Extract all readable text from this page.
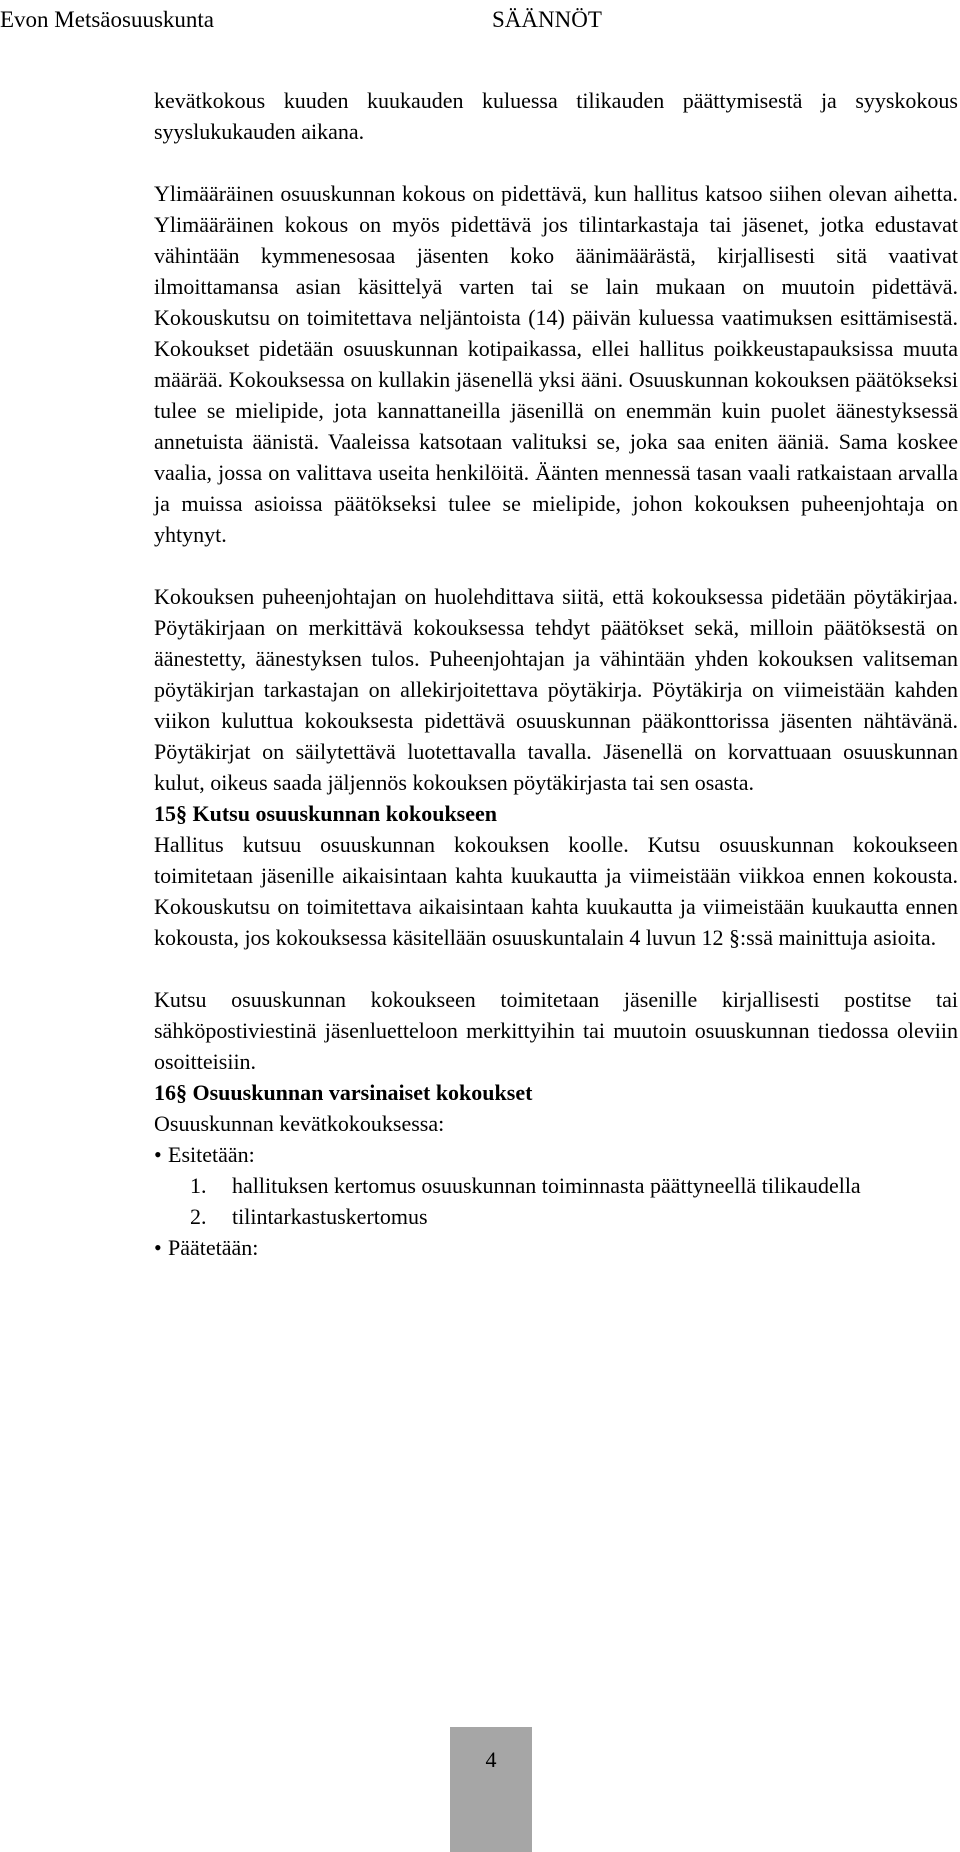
Evon Metsäosuuskunta	SÄÄNNÖT

kevätkokous kuuden kuukauden kuluessa tilikauden päättymisestä ja syyskokous syyslukukauden aikana.

Ylimääräinen osuuskunnan kokous on pidettävä, kun hallitus katsoo siihen olevan aihetta. Ylimääräinen kokous on myös pidettävä jos tilintarkastaja tai jäsenet, jotka edustavat vähintään kymmenesosaa jäsenten koko äänimäärästä, kirjallisesti sitä vaativat ilmoittamansa asian käsittelyä varten tai se lain mukaan on muutoin pidettävä. Kokouskutsu on toimitettava neljäntoista (14) päivän kuluessa vaatimuksen esittämisestä. Kokoukset pidetään osuuskunnan kotipaikassa, ellei hallitus poikkeustapauksissa muuta määrää. Kokouksessa on kullakin jäsenellä yksi ääni. Osuuskunnan kokouksen päätökseksi tulee se mielipide, jota kannattaneilla jäsenillä on enemmän kuin puolet äänestyksessä annetuista äänistä. Vaaleissa katsotaan valituksi se, joka saa eniten ääniä. Sama koskee vaalia, jossa on valittava useita henkilöitä. Äänten mennessä tasan vaali ratkaistaan arvalla ja muissa asioissa päätökseksi tulee se mielipide, johon kokouksen puheenjohtaja on yhtynyt.

Kokouksen puheenjohtajan on huolehdittava siitä, että kokouksessa pidetään pöytäkirjaa. Pöytäkirjaan on merkittävä kokouksessa tehdyt päätökset sekä, milloin päätöksestä on äänestetty, äänestyksen tulos. Puheenjohtajan ja vähintään yhden kokouksen valitseman pöytäkirjan tarkastajan on allekirjoitettava pöytäkirja. Pöytäkirja on viimeistään kahden viikon kuluttua kokouksesta pidettävä osuuskunnan pääkonttorissa jäsenten nähtävänä. Pöytäkirjat on säilytettävä luotettavalla tavalla. Jäsenellä on korvattuaan osuuskunnan kulut, oikeus saada jäljennös kokouksen pöytäkirjasta tai sen osasta.

15§ Kutsu osuuskunnan kokoukseen

Hallitus kutsuu osuuskunnan kokouksen koolle. Kutsu osuuskunnan kokoukseen toimitetaan jäsenille aikaisintaan kahta kuukautta ja viimeistään viikkoa ennen kokousta. Kokouskutsu on toimitettava aikaisintaan kahta kuukautta ja viimeistään kuukautta ennen kokousta, jos kokouksessa käsitellään osuuskuntalain 4 luvun 12 §:ssä mainittuja asioita.

Kutsu osuuskunnan kokoukseen toimitetaan jäsenille kirjallisesti postitse tai sähköpostiviestinä jäsenluetteloon merkittyihin tai muutoin osuuskunnan tiedossa oleviin osoitteisiin.

16§ Osuuskunnan varsinaiset kokoukset

Osuuskunnan kevätkokouksessa:

• Esitetään:

1. hallituksen kertomus osuuskunnan toiminnasta päättyneellä tilikaudella
2. tilintarkastuskertomus

• Päätetään:

4
